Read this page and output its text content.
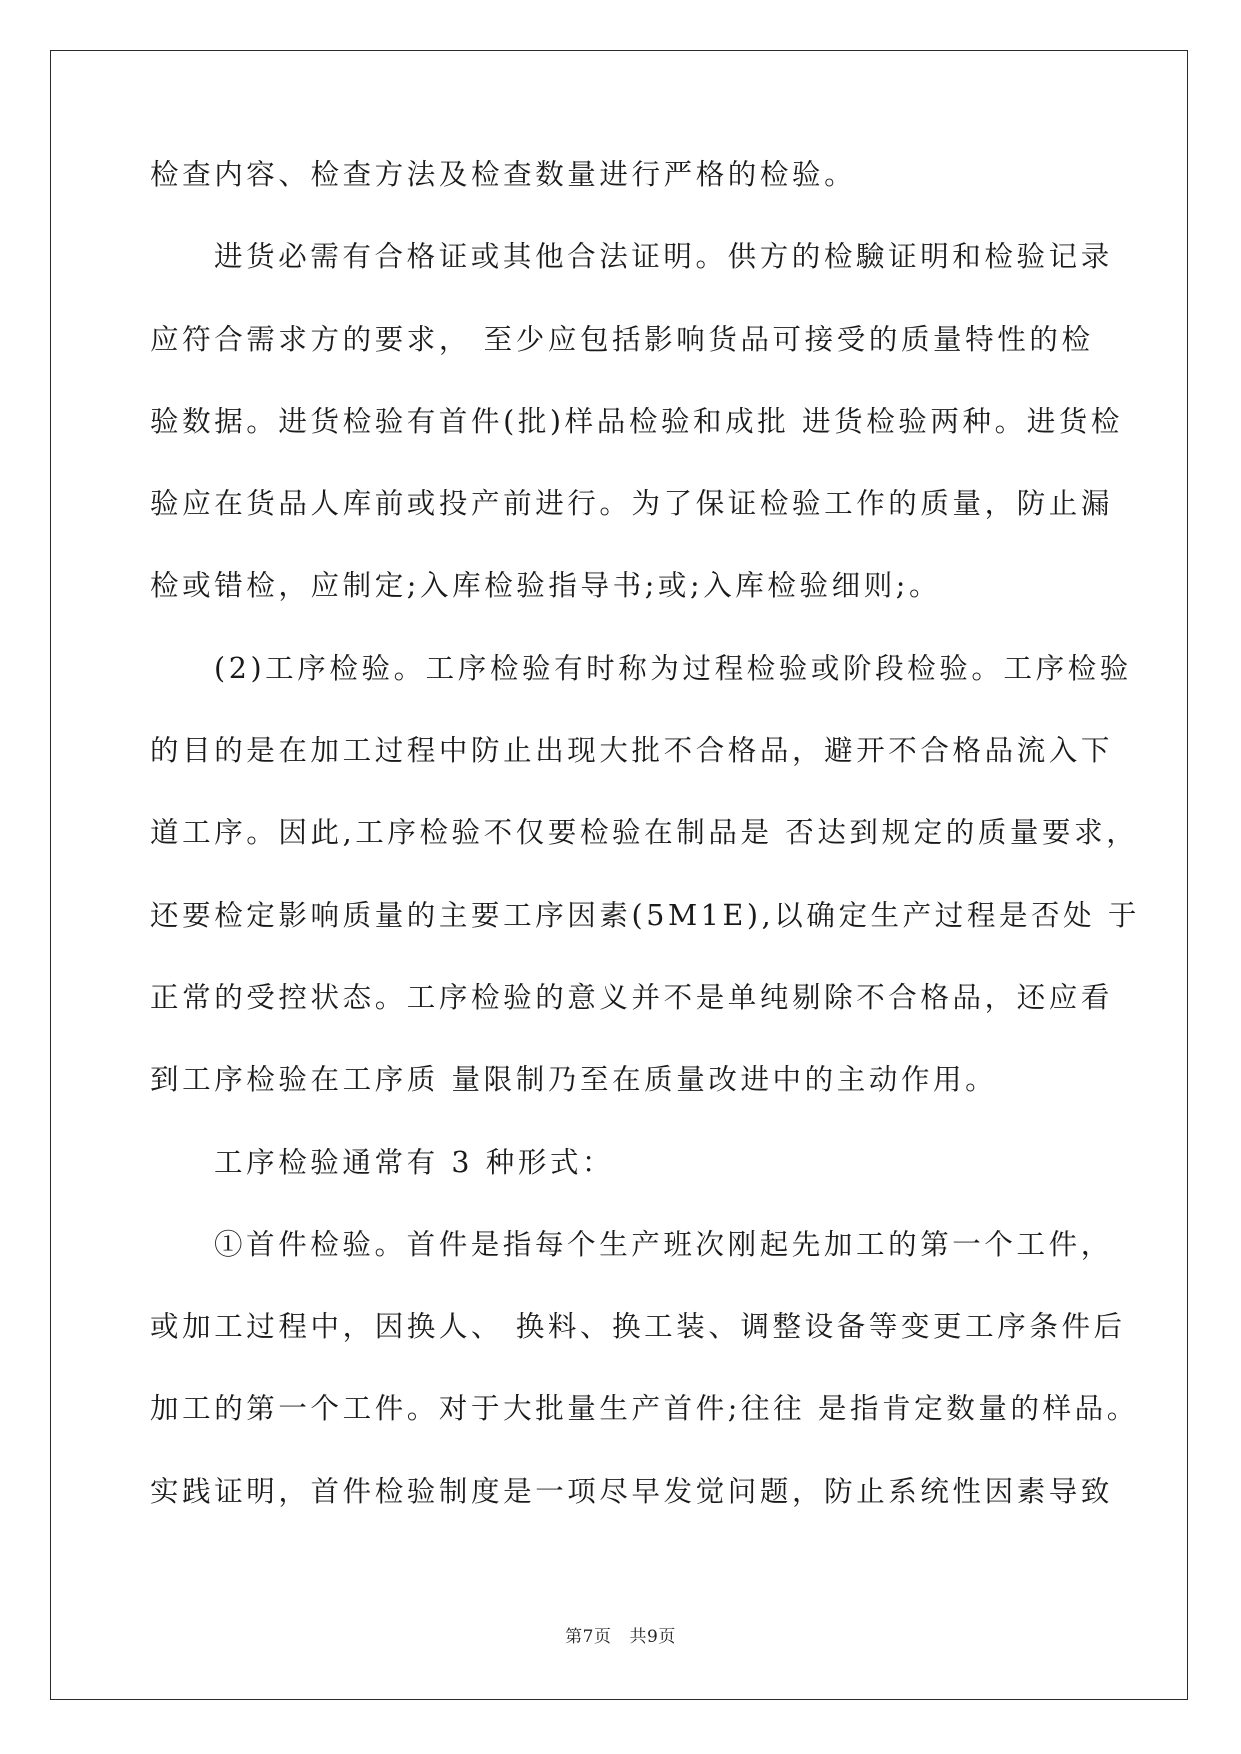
检查内容、检查方法及检查数量进行严格的检验。
进货必需有合格证或其他合法证明。供方的检驗证明和检验记录
应符合需求方的要求， 至少应包括影响货品可接受的质量特性的检
验数据。进货检验有首件(批)样品检验和成批 进货检验两种。进货检
验应在货品人库前或投产前进行。为了保证检验工作的质量，防止漏
检或错检，应制定;入库检验指导书;或;入库检验细则;。
(2)工序检验。工序检验有时称为过程检验或阶段检验。工序检验
的目的是在加工过程中防止出现大批不合格品，避开不合格品流入下
道工序。因此,工序检验不仅要检验在制品是 否达到规定的质量要求，
还要检定影响质量的主要工序因素(5M1E),以确定生产过程是否处 于
正常的受控状态。工序检验的意义并不是单纯剔除不合格品，还应看
到工序检验在工序质 量限制乃至在质量改进中的主动作用。
工序检验通常有 3 种形式：
①首件检验。首件是指每个生产班次刚起先加工的第一个工件，
或加工过程中，因换人、 换料、换工装、调整设备等变更工序条件后
加工的第一个工件。对于大批量生产首件;往往 是指肯定数量的样品。
实践证明，首件检验制度是一项尽早发觉问题，防止系统性因素导致
第7页 共9页
